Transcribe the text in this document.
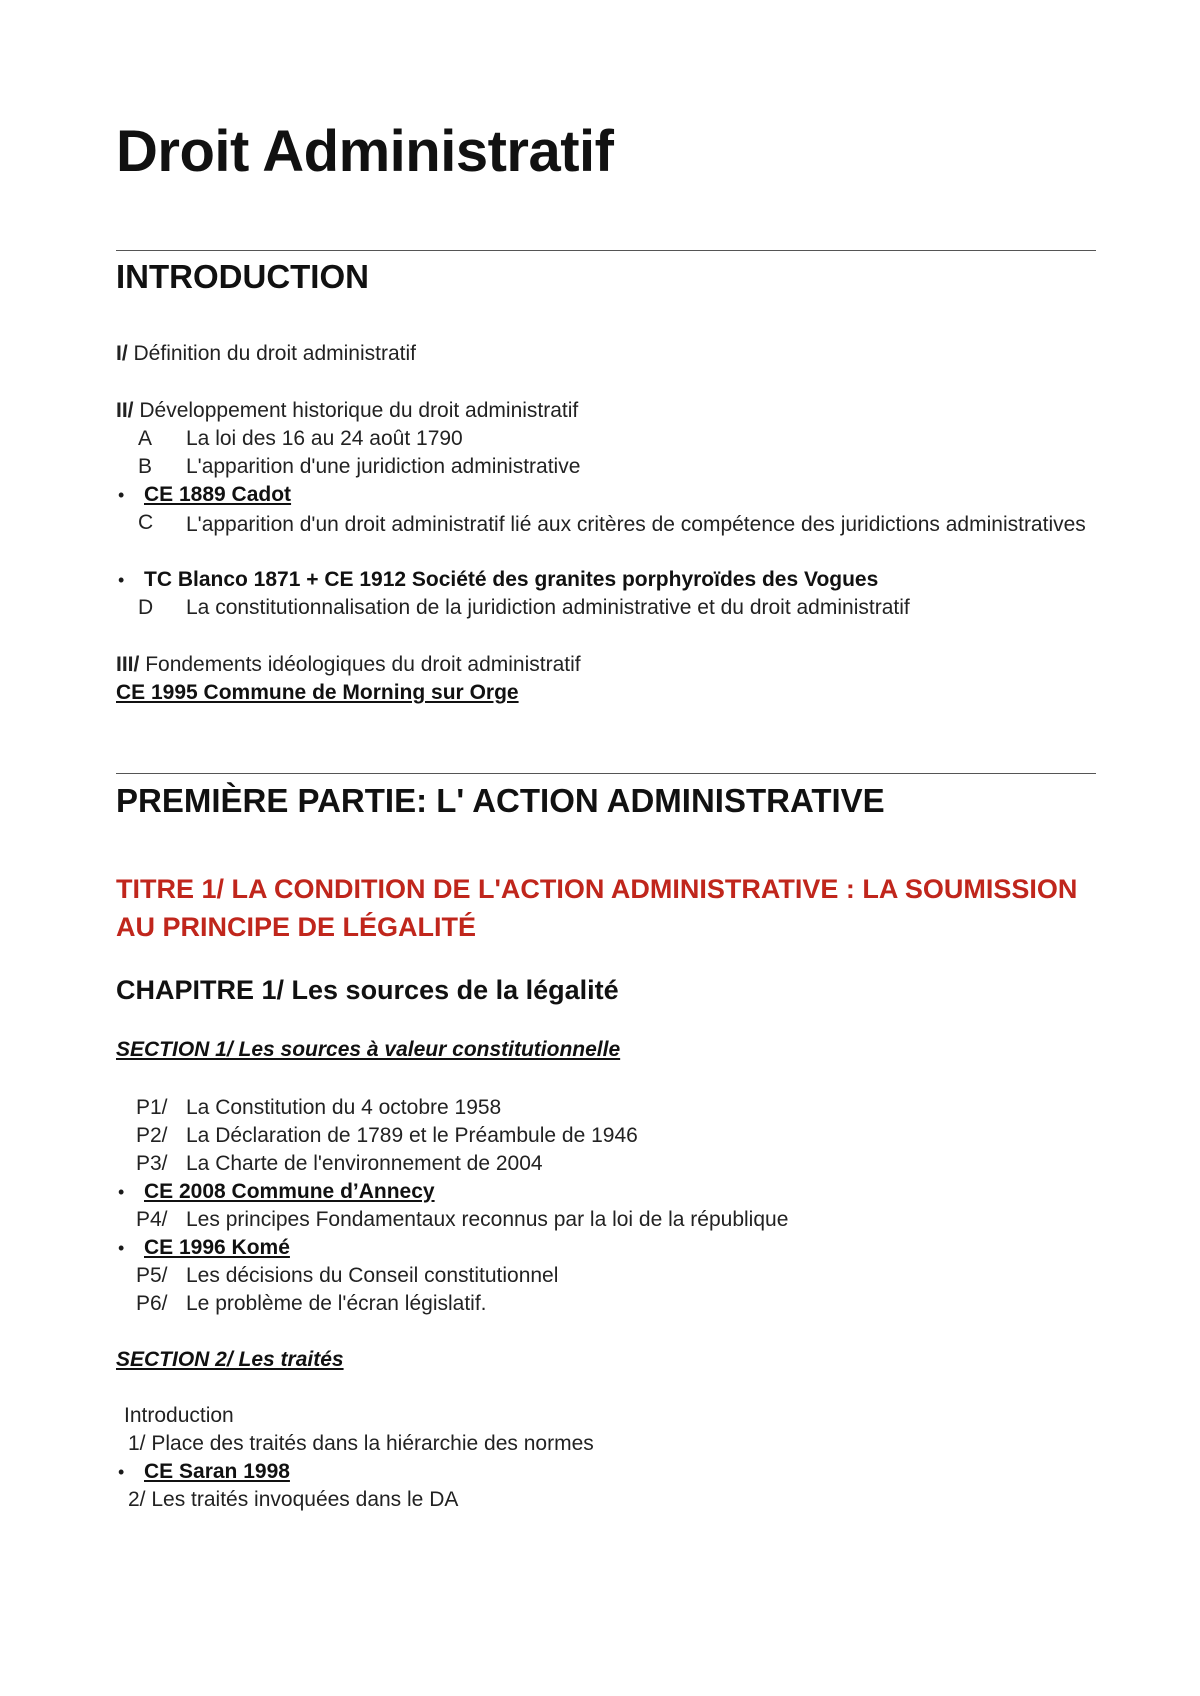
Droit Administratif
INTRODUCTION
I/ Définition du droit administratif
II/ Développement historique du droit administratif
A La loi des 16 au 24 août 1790
B L'apparition d'une juridiction administrative
• CE 1889 Cadot
C	L'apparition d'un droit administratif lié aux critères de compétence des juridictions administratives
• TC Blanco 1871 + CE 1912 Société des granites porphyroïdes des Vogues
D La constitutionnalisation de la juridiction administrative et du droit administratif
III/ Fondements idéologiques du droit administratif
CE 1995 Commune de Morning sur Orge
PREMIÈRE PARTIE: L' ACTION ADMINISTRATIVE
TITRE 1/ LA CONDITION DE L'ACTION ADMINISTRATIVE : LA SOUMISSION AU PRINCIPE DE LÉGALITÉ
CHAPITRE 1/ Les sources de la légalité
SECTION 1/ Les sources à valeur constitutionnelle
P1/ La Constitution du 4 octobre 1958
P2/ La Déclaration de 1789 et le Préambule de 1946
P3/ La Charte de l'environnement de 2004
• CE 2008 Commune d’Annecy
P4/ Les principes Fondamentaux reconnus par la loi de la république
• CE 1996 Komé
P5/ Les décisions du Conseil constitutionnel
P6/ Le problème de l'écran législatif.
SECTION 2/ Les traités
Introduction
1/ Place des traités dans la hiérarchie des normes
• CE Saran 1998
2/ Les traités invoquées dans le DA
